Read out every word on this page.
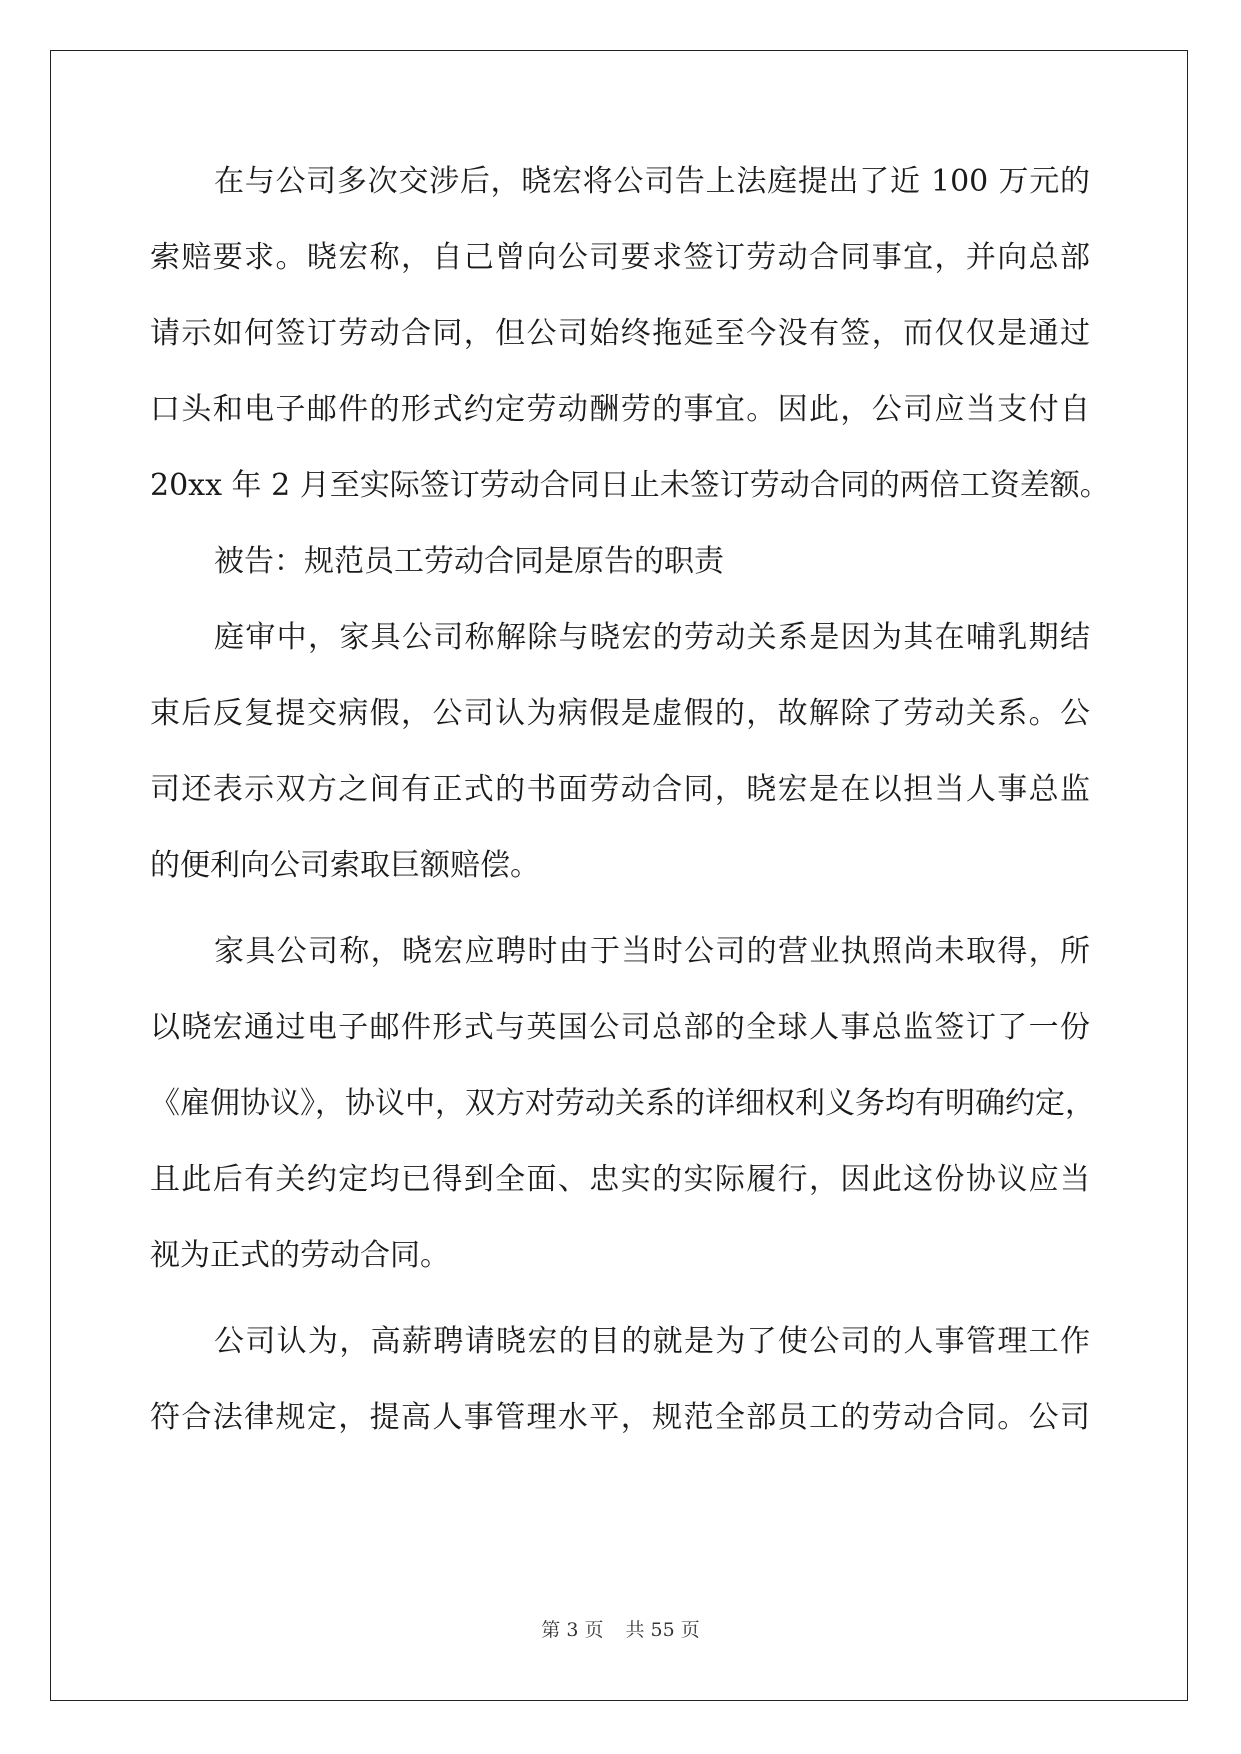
在与公司多次交涉后，晓宏将公司告上法庭提出了近 100 万元的
索赔要求。晓宏称，自己曾向公司要求签订劳动合同事宜，并向总部
请示如何签订劳动合同，但公司始终拖延至今没有签，而仅仅是通过
口头和电子邮件的形式约定劳动酬劳的事宜。因此，公司应当支付自
20xx 年 2 月至实际签订劳动合同日止未签订劳动合同的两倍工资差额。
被告：规范员工劳动合同是原告的职责
庭审中，家具公司称解除与晓宏的劳动关系是因为其在哺乳期结
束后反复提交病假，公司认为病假是虚假的，故解除了劳动关系。公
司还表示双方之间有正式的书面劳动合同，晓宏是在以担当人事总监
的便利向公司索取巨额赔偿。
家具公司称，晓宏应聘时由于当时公司的营业执照尚未取得，所
以晓宏通过电子邮件形式与英国公司总部的全球人事总监签订了一份
《雇佣协议》，协议中，双方对劳动关系的详细权利义务均有明确约定，
且此后有关约定均已得到全面、忠实的实际履行，因此这份协议应当
视为正式的劳动合同。
公司认为，高薪聘请晓宏的目的就是为了使公司的人事管理工作
符合法律规定，提高人事管理水平，规范全部员工的劳动合同。公司
第 3 页 共 55 页
